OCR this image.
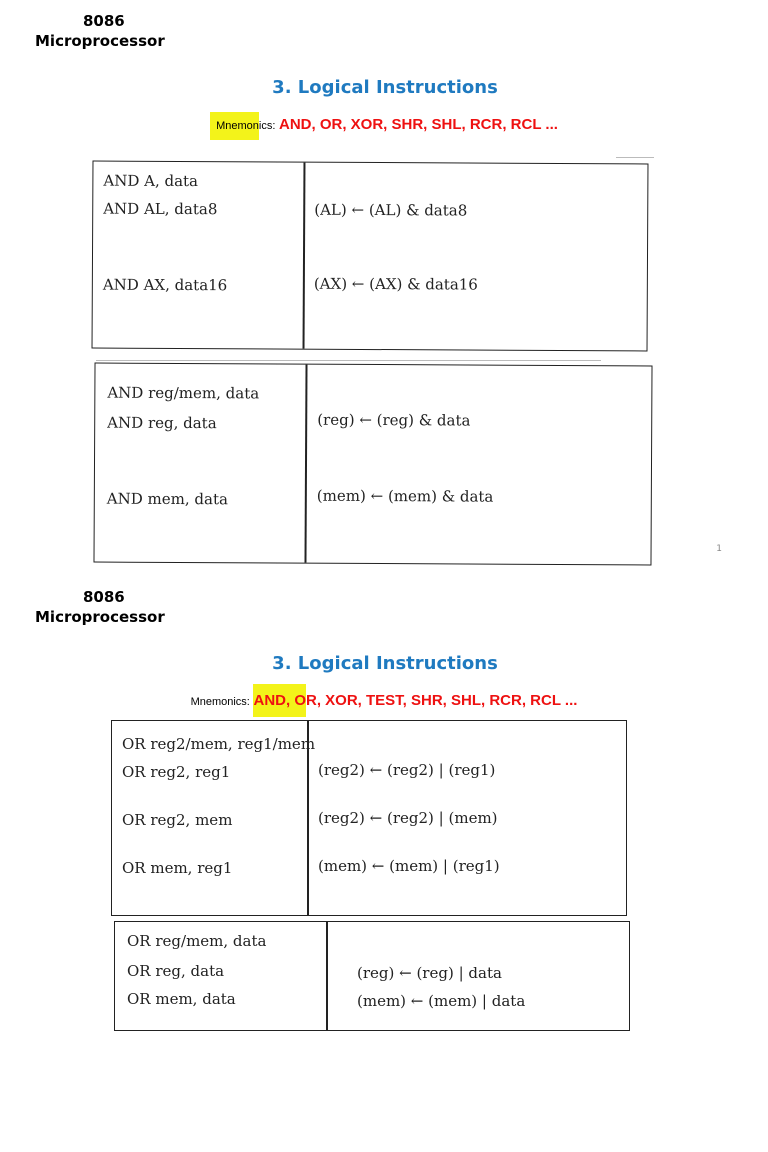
8086
Microprocessor
3. Logical Instructions
Mnemonics: AND, OR, XOR, SHR, SHL, RCR, RCL ...
AND A, data
AND AL, data8
AND AX, data16
(AL) ← (AL) & data8
(AX) ← (AX) & data16
AND reg/mem, data
AND reg, data
AND mem, data
(reg) ← (reg) & data
(mem) ← (mem) & data
1
8086
Microprocessor
3. Logical Instructions
Mnemonics: AND, OR, XOR, TEST, SHR, SHL, RCR, RCL ...
OR reg2/mem, reg1/mem
OR reg2, reg1
OR reg2, mem
OR mem, reg1
(reg2) ← (reg2) | (reg1)
(reg2) ← (reg2) | (mem)
(mem) ← (mem) | (reg1)
OR reg/mem, data
OR reg, data
OR mem, data
(reg) ← (reg) | data
(mem) ← (mem) | data
